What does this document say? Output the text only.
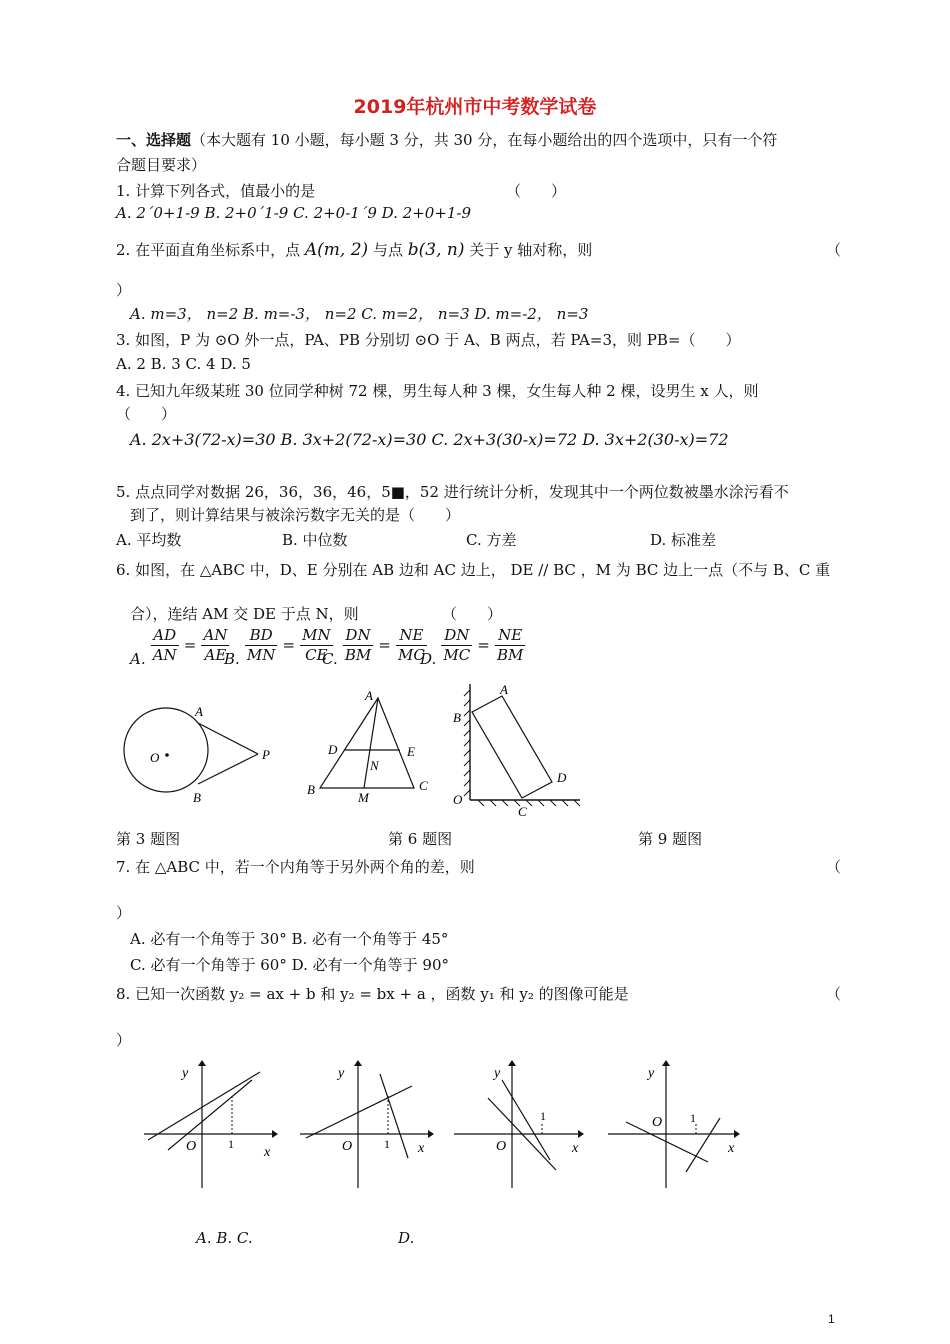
2019年杭州市中考数学试卷
一、选择题（本大题有 10 小题，每小题 3 分，共 30 分，在每小题给出的四个选项中，只有一个符
合题目要求）
1. 计算下列各式，值最小的是	（　　）
A. 2´0+1-9 B. 2+0´1-9 C. 2+0-1´9 D. 2+0+1-9
2. 在平面直角坐标系中，点 A(m, 2) 与点 b(3, n) 关于 y 轴对称，则	（
）
A. m=3， n=2 B. m=-3， n=2 C. m=2， n=3 D. m=-2， n=3
3. 如图，P 为 ⊙O 外一点，PA、PB 分别切 ⊙O 于 A、B 两点，若 PA=3，则 PB=（　　）
A. 2 B. 3 C. 4 D. 5
4. 已知九年级某班 30 位同学种树 72 棵，男生每人种 3 棵，女生每人种 2 棵，设男生 x 人，则
（　　）
A. 2x+3(72-x)=30 B. 3x+2(72-x)=30 C. 2x+3(30-x)=72 D. 3x+2(30-x)=72
5. 点点同学对数据 26，36，36，46，5■，52 进行统计分析，发现其中一个两位数被墨水涂污看不
到了，则计算结果与被涂污数字无关的是（　　）
A. 平均数	B. 中位数	C. 方差	D. 标准差
6. 如图，在 △ABC 中，D、E 分别在 AB 边和 AC 边上， DE // BC ，M 为 BC 边上一点（不与 B、C 重
合），连结 AM 交 DE 于点 N，则	（　　）
A. $\frac{AD}{AN} = \frac{AN}{AE}$
B. $\frac{BD}{MN} = \frac{MN}{CE}$
C. $\frac{DN}{BM} = \frac{NE}{MC}$
D. $\frac{DN}{MC} = \frac{NE}{BM}$
A
B
O	P
A
D	E
N
B	C
M
A
B
D
O
C
第 3 题图	第 6 题图	第 9 题图
7. 在 △ABC 中，若一个内角等于另外两个角的差，则	（
）
A. 必有一个角等于 30° B. 必有一个角等于 45°
C. 必有一个角等于 60° D. 必有一个角等于 90°
8. 已知一次函数 y₂ = ax + b 和 y₂ = bx + a ，函数 y₁ 和 y₂ 的图像可能是	（
）
y
O	1
x
y
O	1 x
y
O
1
x
y
O 1
x
A. B. C.	D.
1
